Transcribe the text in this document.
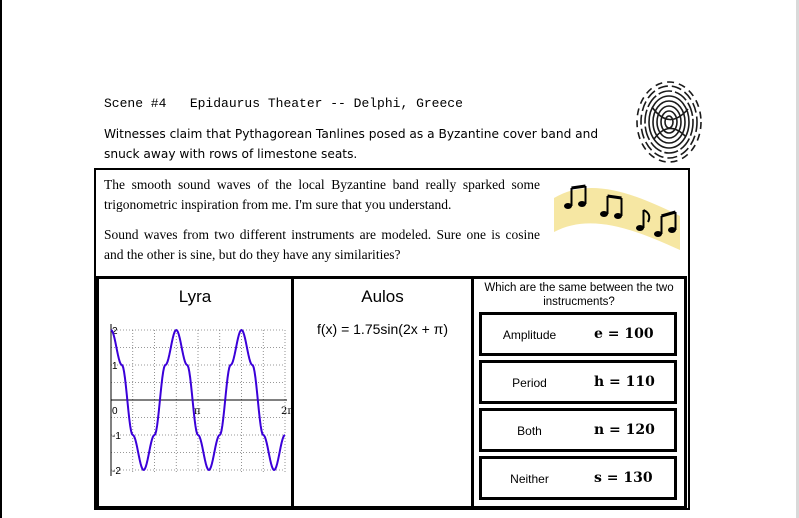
Scene #4 Epidaurus Theater -- Delphi, Greece
Witnesses claim that Pythagorean Tanlines posed as a Byzantine cover band and snuck away with rows of limestone seats.

The smooth sound waves of the local Byzantine band really sparked some trigonometric inspiration from me. I'm sure that you understand.

Sound waves from two different instruments are modeled. Sure one is cosine and the other is sine, but do they have any similarities?

Lyra
2
1
0
-1
-2
π	2π
Aulos
f(x) = 1.75sin(2x + π)
Which are the same between the two instrucments?
Amplitude	e = 100
Period	h = 110
Both	n = 120
Neither	s = 130
